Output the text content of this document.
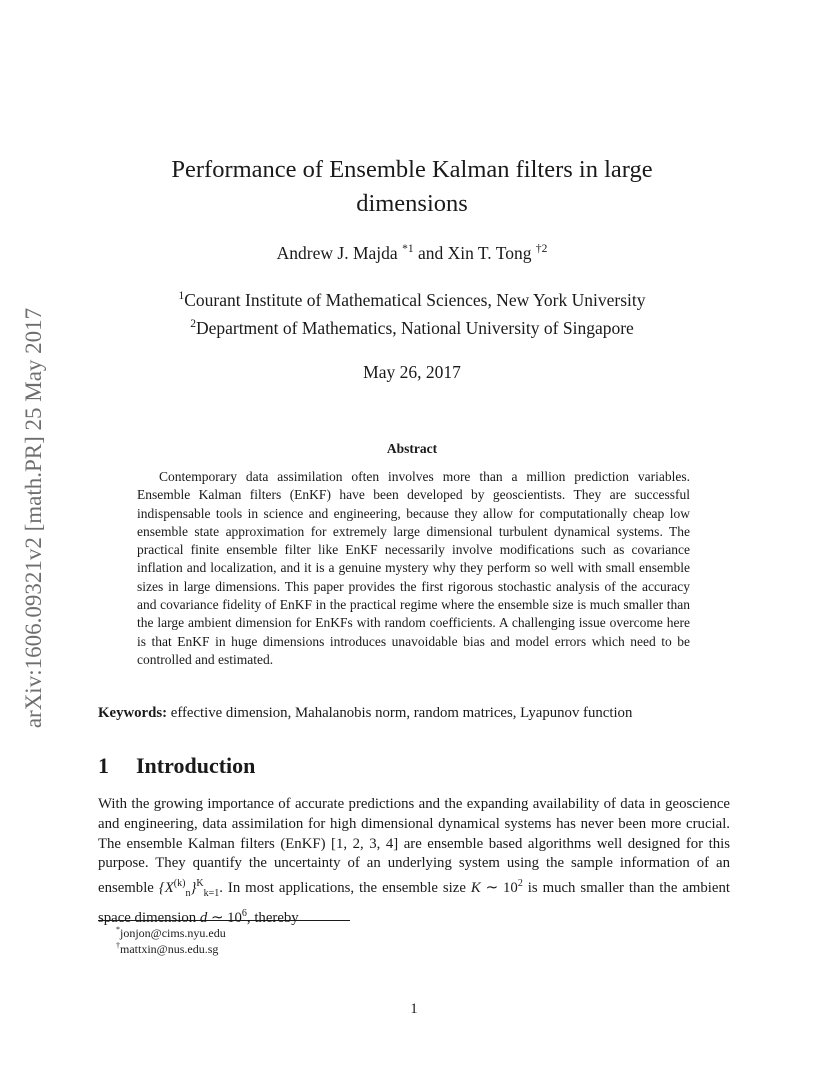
arXiv:1606.09321v2 [math.PR] 25 May 2017
Performance of Ensemble Kalman filters in large
dimensions
Andrew J. Majda $^{*1}$ and Xin T. Tong $^{\dagger 2}$
$^1$Courant Institute of Mathematical Sciences, New York University
$^2$Department of Mathematics, National University of Singapore
May 26, 2017
Abstract

Contemporary data assimilation often involves more than a million prediction variables. Ensemble Kalman filters (EnKF) have been developed by geoscientists. They are successful indispensable tools in science and engineering, because they allow for computationally cheap low ensemble state approximation for extremely large dimensional turbulent dynamical systems. The practical finite ensemble filter like EnKF necessarily involve modifications such as covariance inflation and localization, and it is a genuine mystery why they perform so well with small ensemble sizes in large dimensions. This paper provides the first rigorous stochastic analysis of the accuracy and covariance fidelity of EnKF in the practical regime where the ensemble size is much smaller than the large ambient dimension for EnKFs with random coefficients. A challenging issue overcome here is that EnKF in huge dimensions introduces unavoidable bias and model errors which need to be controlled and estimated.

Keywords: effective dimension, Mahalanobis norm, random matrices, Lyapunov function
1 Introduction

With the growing importance of accurate predictions and the expanding availability of data in geoscience and engineering, data assimilation for high dimensional dynamical systems has never been more crucial. The ensemble Kalman filters (EnKF) [1, 2, 3, 4] are ensemble based algorithms well designed for this purpose. They quantify the uncertainty of an underlying system using the sample information of an ensemble $\{X^{(k)}_n\}^K_{k=1}$. In most applications, the ensemble size K ∼ $10^2$ is much smaller than the ambient space dimension d ∼ $10^6$, thereby

*jonjon@cims.nyu.edu
†mattxin@nus.edu.sg
1
